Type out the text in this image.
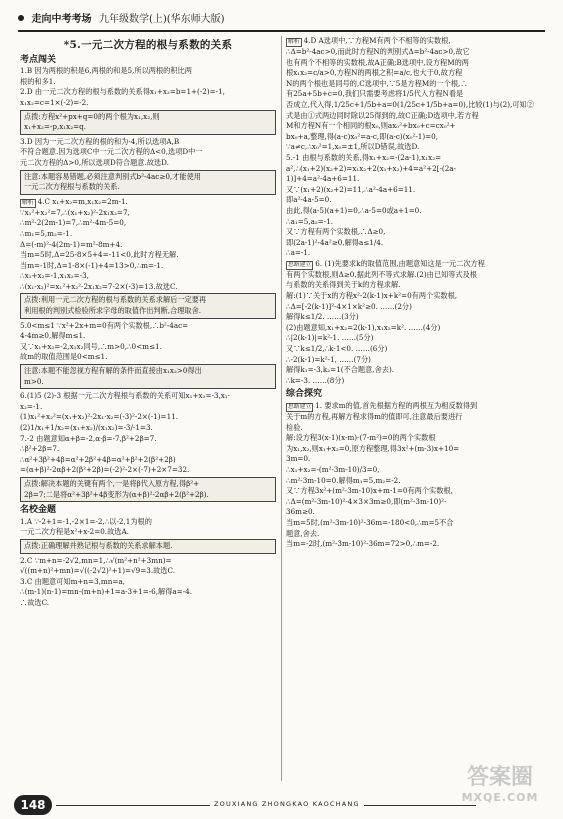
走向中考考场 九年级数学(上)(华东师大版)
*5.一元二次方程的根与系数的关系
考点闯关

1.B 因为两根的积是6,两根的和是5,所以两根的积比两

根的和多1.

2.D 由一元二次方程的根与系数的关系得x₁+x₂=b=1+(-2)=-1,

x₁x₂=c=1×(-2)=-2.

点拨:方程x²+px+q=0的两个根为x₁,x₂,则

x₁+x₂=-p,x₁x₂=q.

3.D 因为一元二次方程的根的和为-4,所以选项A,B

不符合题意.因为选项C中一元二次方程的Δ<0,选项D中一

元二次方程的Δ>0,所以选项D符合题意.故选D.

注意:本题容易错题,必须注意判别式b²-4ac≥0,才能使用

一元二次方程根与系数的关系.

解析 4.C x₁+x₂=m,x₁x₂=2m-1.

∵x₁²+x₂²=7,∴(x₁+x₂)²-2x₁x₂=7,

∴m²-2(2m-1)=7,∴m²-4m-5=0,

∴m₁=5,m₂=-1.

Δ=(-m)²-4(2m-1)=m²-8m+4.

当m=5时,Δ=25-8×5+4=-11<0,此时方程无解.

当m=-1时,Δ=1-8×(-1)+4=13>0,∴m=-1.

∴x₁+x₂=-1,x₁x₂=-3,

∴(x₁-x₂)²=x₁²+x₂²-2x₁x₂=7-2×(-3)=13.故选C.

点拨:利用一元二次方程的根与系数的关系求解后一定要再

利用根的判别式检验所求字母的取值作出判断,合理取舍.

5.0<m≤1 ∵x²+2x+m=0有两个实数根,∴b²-4ac=

4-4m≥0,解得m≤1.

又∵x₁+x₂=-2,x₁x₂同号,∴m>0,∴0<m≤1.

故m的取值范围是0<m≤1.

注意:本题不能忽视方程有解的条件而直接由x₁x₂>0得出

m>0.

6.(1)5 (2)-3 根据一元二次方程根与系数的关系可知x₁+x₂=-3,x₁·

x₂=-1.

(1)x₁²+x₂²=(x₁+x₂)²-2x₁·x₂=(-3)²-2×(-1)=11.

(2)1/x₁+1/x₂=(x₁+x₂)/(x₁x₂)=-3/-1=3.

7.-2 由题意知α+β=-2,α·β=-7,β²+2β=7.

∴β²+2β=7.

∴α²+3β²+4β=α²+2β²+4β=α²+β²+2(β²+2β)

=(α+β)²-2αβ+2(β²+2β)=(-2)²-2×(-7)+2×7=32.

点拨:解决本题的关键有两个,一是将β代入原方程,得β²+

2β=7;二是将α²+3β²+4β变形为(α+β)²-2αβ+2(β²+2β).

名校金题

1.A ∵-2+1=-1,-2×1=-2,∴以-2,1为根的

一元二次方程是x²+x-2=0.故选A.

点拨:正确理解并熟记根与系数的关系求解本题.

2.C ∵m+n=-2√2,mn=1,∴√(m²+n²+3mn)=

√((m+n)²+mn)=√((-2√2)²+1)=√9=3.故选C.

3.C 由题意可知m+n=3,mn=a,

∴(m-1)(n-1)=mn-(m+n)+1=a-3+1=-6,解得a=-4.

∴故选C.

解析 4.D A选项中,∵方程M有两个不相等的实数根,

∴Δ=b²-4ac>0,而此时方程N的判别式Δ=b²-4ac>0,故它

也有两个不相等的实数根,故A正确;B选项中,设方程M的两

根x₁x₂=c/a>0,方程N的两根之积=a/c,也大于0,故方程

N的两个根也是同号的,C选项中,∵5是方程M的一个根,∴

有25a+5b+c=0,我们只需要考虑将1/5代入方程N看是

否成立,代入得,1/25c+1/5b+a=0(1/25c+1/5b+a=0),比较(1)与(2),可知②

式是由①式两边同时除以25得到的,故C正确;D选项中,若方程

M和方程N有一个相同的根x₀,则ax₀²+bx₀+c=cx₀²+

bx₀+a,整理,得(a-c)x₀²=a-c,即(a-c)(x₀²-1)=0,

∵a≠c,∴x₀²=1,x₀=±1,所以D错误,故选D.

5.-1 由根与系数的关系,得x₁+x₂=-(2a-1),x₁x₂=

a²,∴(x₁+2)(x₂+2)=x₁x₂+2(x₁+x₂)+4=a²+2[-(2a-

1)]+4=a²-4a+6=11.

又∵(x₁+2)(x₂+2)=11,∴a²-4a+6=11.

即a²-4a-5=0.

由此,得(a-5)(a+1)=0,∴a-5=0或a+1=0.

∴a₁=5,a₂=-1.

又∵方程有两个实数根,∴Δ≥0,

即(2a-1)²-4a²≥0,解得a≤1/4.

∴a=-1.

思路建立 6. (1)先要求k的取值范围,由题意知这是一元二次方程

有两个实数根,则Δ≥0,据此列不等式求解.(2)由已知等式及根

与系数的关系得到关于k的方程求解.

解:(1)∵关于x的方程x²-2(k-1)x+k²=0有两个实数根,

∴Δ=[-2(k-1)]²-4×1×k²≥0. ……(2分)

解得k≤1/2. ……(3分)

(2)由题意知,x₁+x₂=2(k-1),x₁x₂=k². ……(4分)

∴|2(k-1)|=k²-1. ……(5分)

又∵k≤1/2,∴k-1<0. ……(6分)

∴-2(k-1)=k²-1, ……(7分)

解得k₁=-3,k₂=1(不合题意,舍去).

∴k=-3. ……(8分)

综合探究

思路建立 1. 要求m的值,首先根据方程的两根互为相反数得到

关于m的方程,再解方程求得m的值即可,注意最后要进行

检验.

解:设方程3(x-1)(x-m)-(7-m²)=0的两个实数根

为x₁,x₂,则x₁+x₂=0,原方程整理,得3x²+(m-3)x+10=

3m=0.

∴x₁+x₂=-(m²-3m-10)/3=0,

∴m²-3m-10=0.解得m₁=5,m₂=-2.

又∵方程3x²+(m²-3m-10)x+m-1=0有两个实数根,

∴Δ=(m²-3m-10)²-4×3×3m≥0,即(m²-3m-10)²-

36m≥0.

当m=5时,(m²-3m-10)²-36m=-180<0,∴m=5不合

题意,舍去.

当m=-2时,(m²-3m-10)²-36m=72>0,∴m=-2.

148	ZOUXIANG ZHONGKAO KAOCHANG
答案圈
MXQE.COM
